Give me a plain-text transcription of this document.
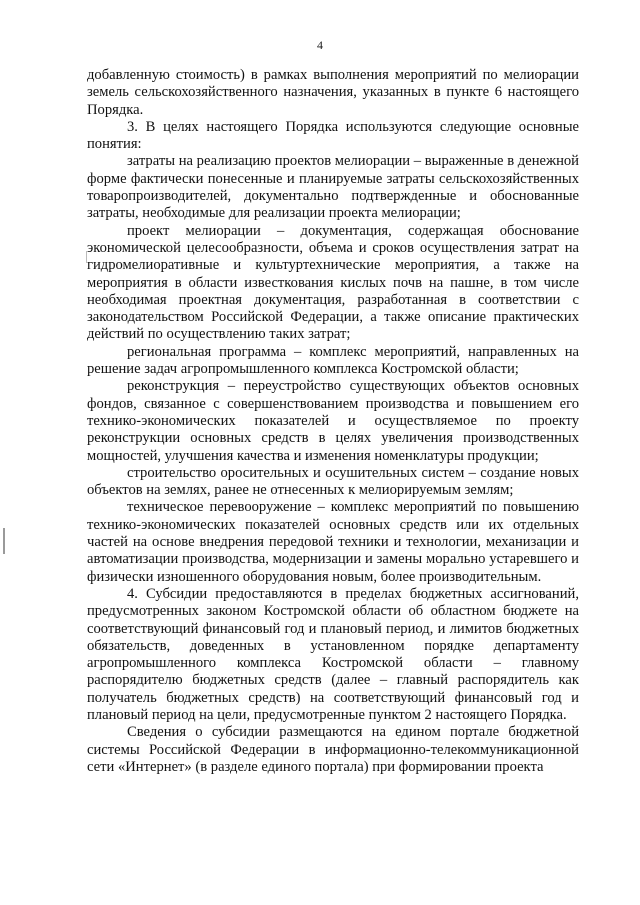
4

добавленную стоимость) в рамках выполнения мероприятий по мелиорации земель сельскохозяйственного назначения, указанных в пункте 6 настоящего Порядка.

3. В целях настоящего Порядка используются следующие основные понятия:

затраты на реализацию проектов мелиорации – выраженные в денежной форме фактически понесенные и планируемые затраты сельскохозяйственных товаропроизводителей, документально подтвержденные и обоснованные затраты, необходимые для реализации проекта мелиорации;

проект мелиорации – документация, содержащая обоснование экономической целесообразности, объема и сроков осуществления затрат на гидромелиоративные и культуртехнические мероприятия, а также на мероприятия в области известкования кислых почв на пашне, в том числе необходимая проектная документация, разработанная в соответствии с законодательством Российской Федерации, а также описание практических действий по осуществлению таких затрат;

региональная программа – комплекс мероприятий, направленных на решение задач агропромышленного комплекса Костромской области;

реконструкция – переустройство существующих объектов основных фондов, связанное с совершенствованием производства и повышением его технико-экономических показателей и осуществляемое по проекту реконструкции основных средств в целях увеличения производственных мощностей, улучшения качества и изменения номенклатуры продукции;

строительство оросительных и осушительных систем – создание новых объектов на землях, ранее не отнесенных к мелиорируемым землям;

техническое перевооружение – комплекс мероприятий по повышению технико-экономических показателей основных средств или их отдельных частей на основе внедрения передовой техники и технологии, механизации и автоматизации производства, модернизации и замены морально устаревшего и физически изношенного оборудования новым, более производительным.

4. Субсидии предоставляются в пределах бюджетных ассигнований, предусмотренных законом Костромской области об областном бюджете на соответствующий финансовый год и плановый период, и лимитов бюджетных обязательств, доведенных в установленном порядке департаменту агропромышленного комплекса Костромской области – главному распорядителю бюджетных средств (далее – главный распорядитель как получатель бюджетных средств) на соответствующий финансовый год и плановый период на цели, предусмотренные пунктом 2 настоящего Порядка.

Сведения о субсидии размещаются на едином портале бюджетной системы Российской Федерации в информационно-телекоммуникационной сети «Интернет» (в разделе единого портала) при формировании проекта
